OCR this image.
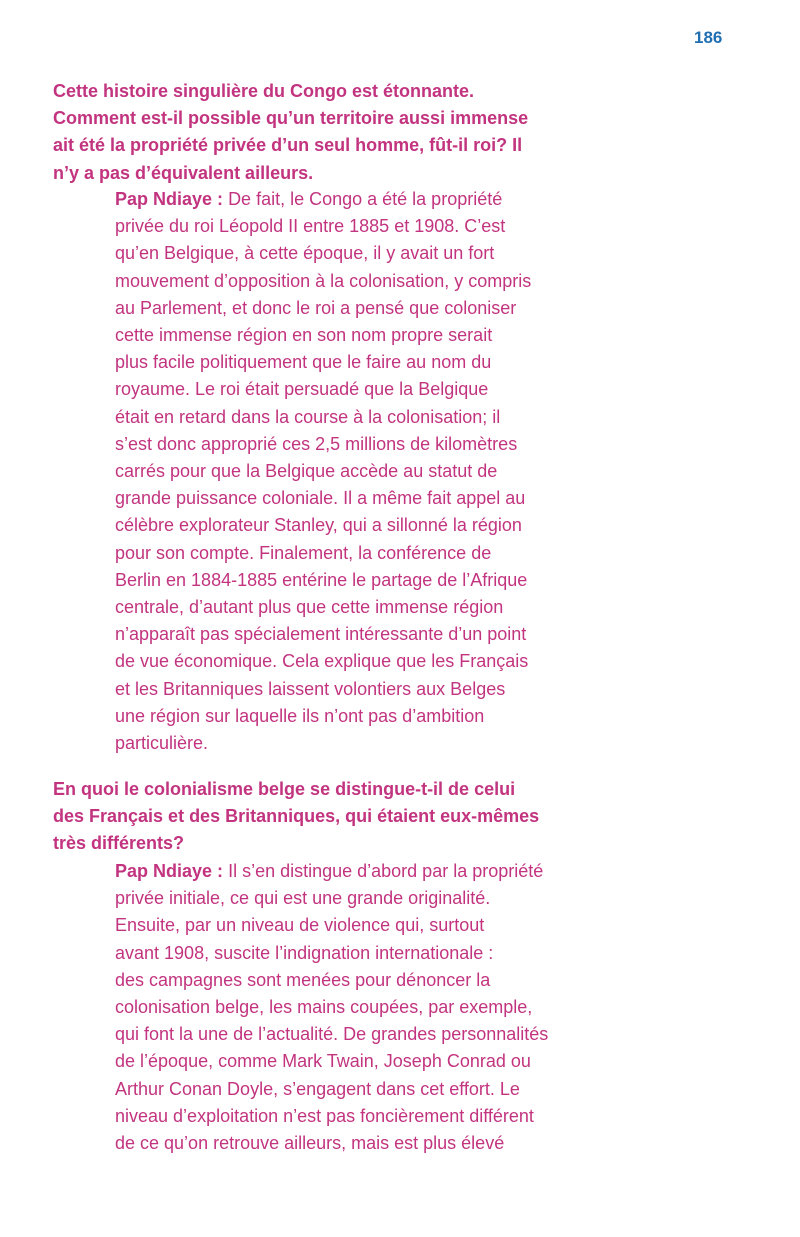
186
Cette histoire singulière du Congo est étonnante.
Comment est-il possible qu’un territoire aussi immense
ait été la propriété privée d’un seul homme, fût-il roi? Il
n’y a pas d’équivalent ailleurs.
Pap Ndiaye : De fait, le Congo a été la propriété
privée du roi Léopold II entre 1885 et 1908. C’est
qu’en Belgique, à cette époque, il y avait un fort
mouvement d’opposition à la colonisation, y compris
au Parlement, et donc le roi a pensé que coloniser
cette immense région en son nom propre serait
plus facile politiquement que le faire au nom du
royaume. Le roi était persuadé que la Belgique
était en retard dans la course à la colonisation; il
s’est donc approprié ces 2,5 millions de kilomètres
carrés pour que la Belgique accède au statut de
grande puissance coloniale. Il a même fait appel au
célèbre explorateur Stanley, qui a sillonné la région
pour son compte. Finalement, la conférence de
Berlin en 1884-1885 entérine le partage de l’Afrique
centrale, d’autant plus que cette immense région
n’apparaît pas spécialement intéressante d’un point
de vue économique. Cela explique que les Français
et les Britanniques laissent volontiers aux Belges
une région sur laquelle ils n’ont pas d’ambition
particulière.
En quoi le colonialisme belge se distingue-t-il de celui
des Français et des Britanniques, qui étaient eux-mêmes
très différents?
Pap Ndiaye : Il s’en distingue d’abord par la propriété
privée initiale, ce qui est une grande originalité.
Ensuite, par un niveau de violence qui, surtout
avant 1908, suscite l’indignation internationale :
des campagnes sont menées pour dénoncer la
colonisation belge, les mains coupées, par exemple,
qui font la une de l’actualité. De grandes personnalités
de l’époque, comme Mark Twain, Joseph Conrad ou
Arthur Conan Doyle, s’engagent dans cet effort. Le
niveau d’exploitation n’est pas foncièrement différent
de ce qu’on retrouve ailleurs, mais est plus élevé
